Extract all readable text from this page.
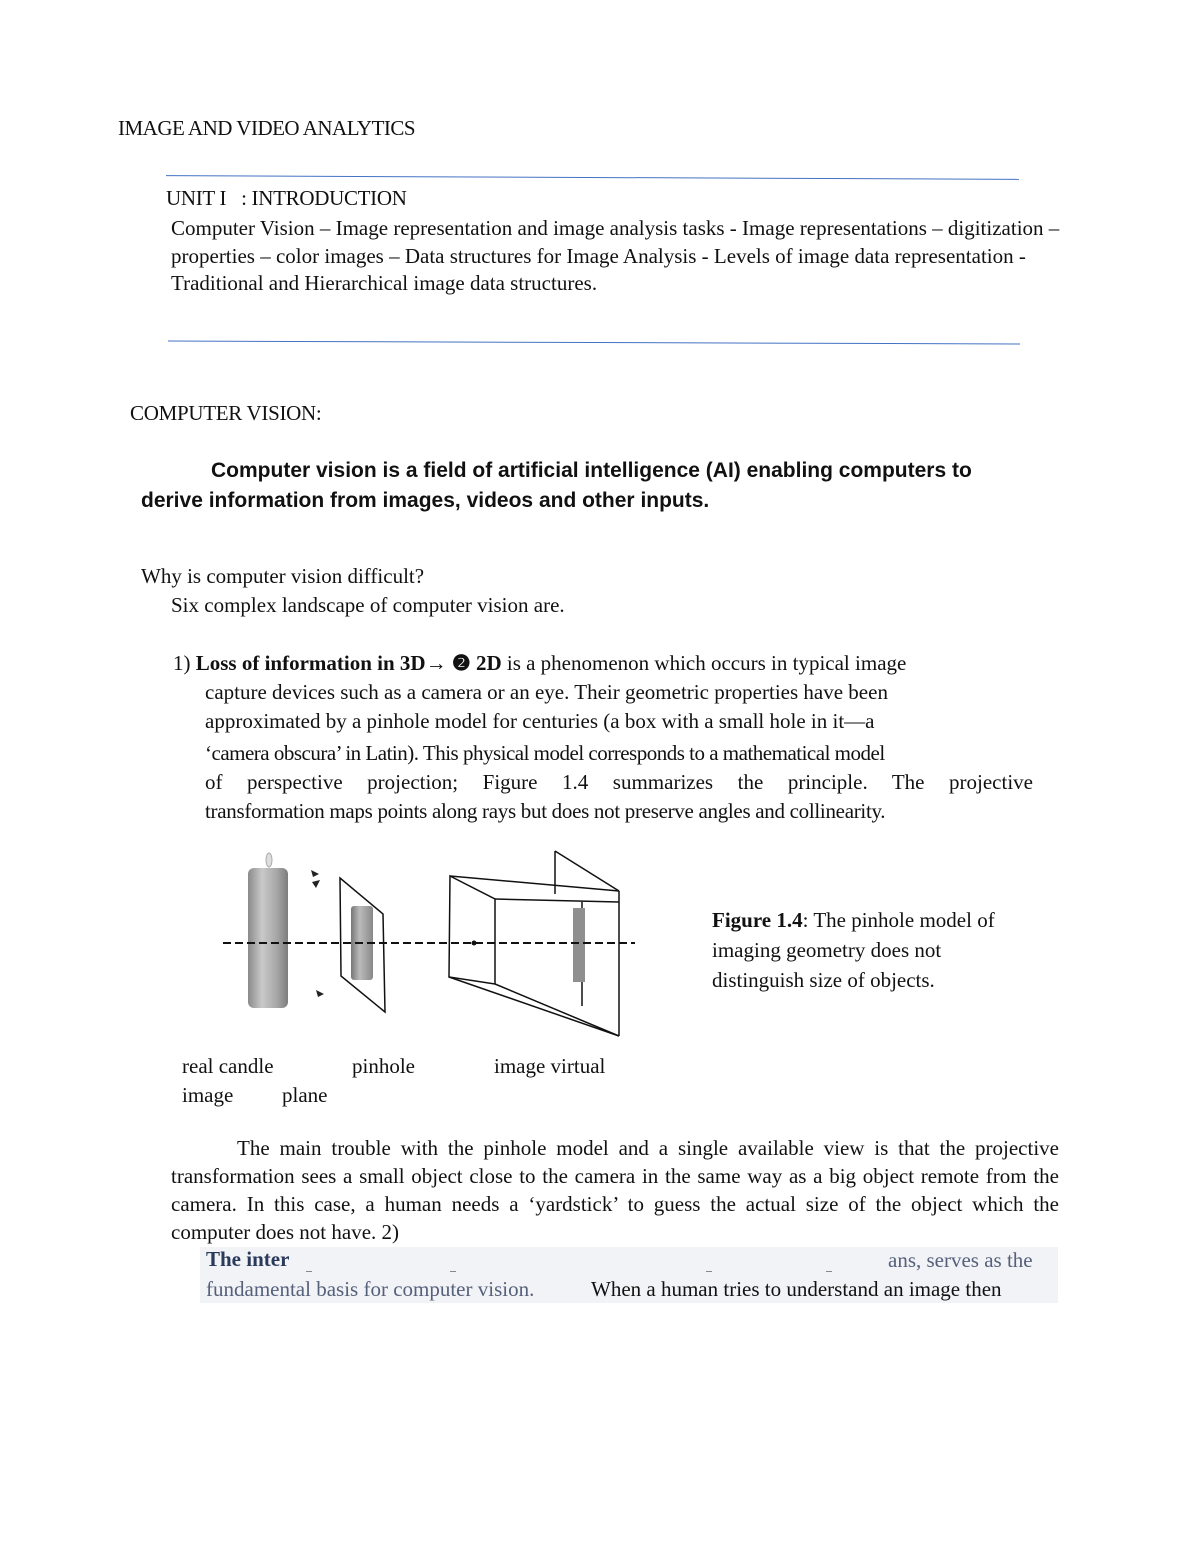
IMAGE AND VIDEO ANALYTICS
UNIT I   : INTRODUCTION
Computer Vision – Image representation and image analysis tasks - Image representations – digitization – properties – color images – Data structures for Image Analysis - Levels of image data representation - Traditional and Hierarchical image data structures.
COMPUTER VISION:
Computer vision is a field of artificial intelligence (AI) enabling computers to derive information from images, videos and other inputs.
Why is computer vision difficult?
Six complex landscape of computer vision are.
1) Loss of information in 3D→ ❷ 2D is a phenomenon which occurs in typical image
capture devices such as a camera or an eye. Their geometric properties have been
approximated by a pinhole model for centuries (a box with a small hole in it—a
‘camera obscura’ in Latin). This physical model corresponds to a mathematical model
of perspective projection; Figure 1.4 summarizes the principle. The projective
transformation maps points along rays but does not preserve angles and collinearity.
Figure 1.4: The pinhole model of imaging geometry does not distinguish size of objects.
real candle	pinhole	image virtual
image plane
The main trouble with the pinhole model and a single available view is that the projective transformation sees a small object close to the camera in the same way as a big object remote from the camera. In this case, a human needs a ‘yardstick’ to guess the actual size of the object which the computer does not have. 2)
The inter	ans, serves as the
fundamental basis for computer vision.	When a human tries to understand an image then
